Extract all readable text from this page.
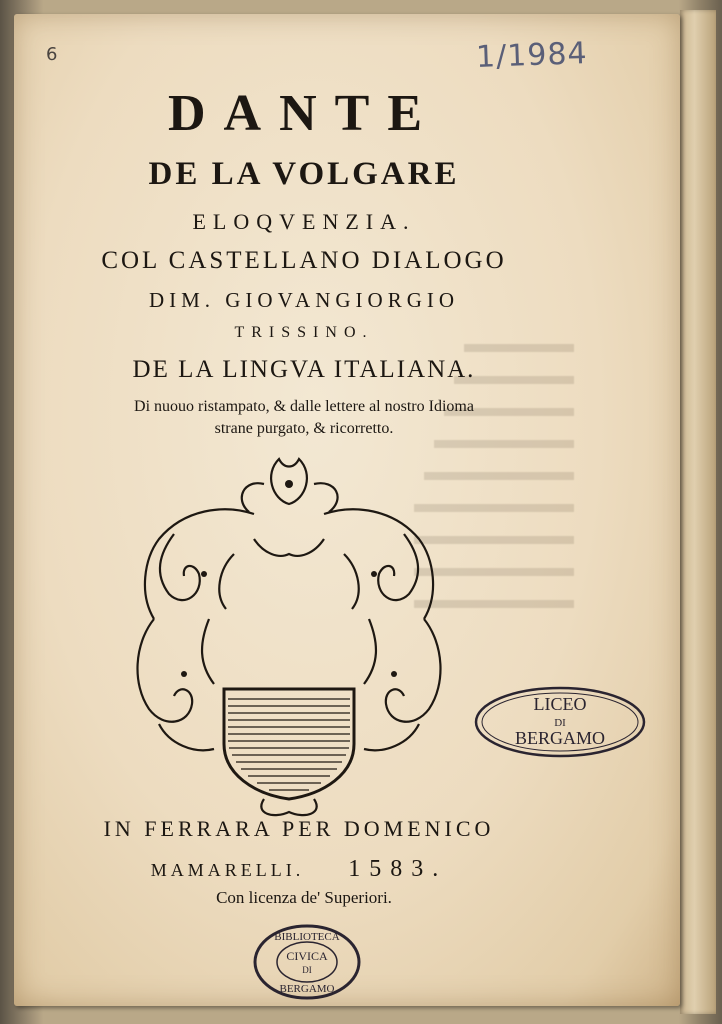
6	1/1984
DANTE
DE LA VOLGARE
ELOQVENZIA.
COL CASTELLANO DIALOGO
DIM. GIOVANGIORGIO
TRISSINO.
DE LA LINGVA ITALIANA.
Di nuouo ristampato, & dalle lettere al nostro Idioma
strane purgato, & ricorretto.
IN FERRARA PER DOMENICO
MAMARELLI. 1583.
Con licenza de' Superiori.
LICEO
DI
BERGAMO
BIBLIOTECA
CIVICA
DI
BERGAMO
